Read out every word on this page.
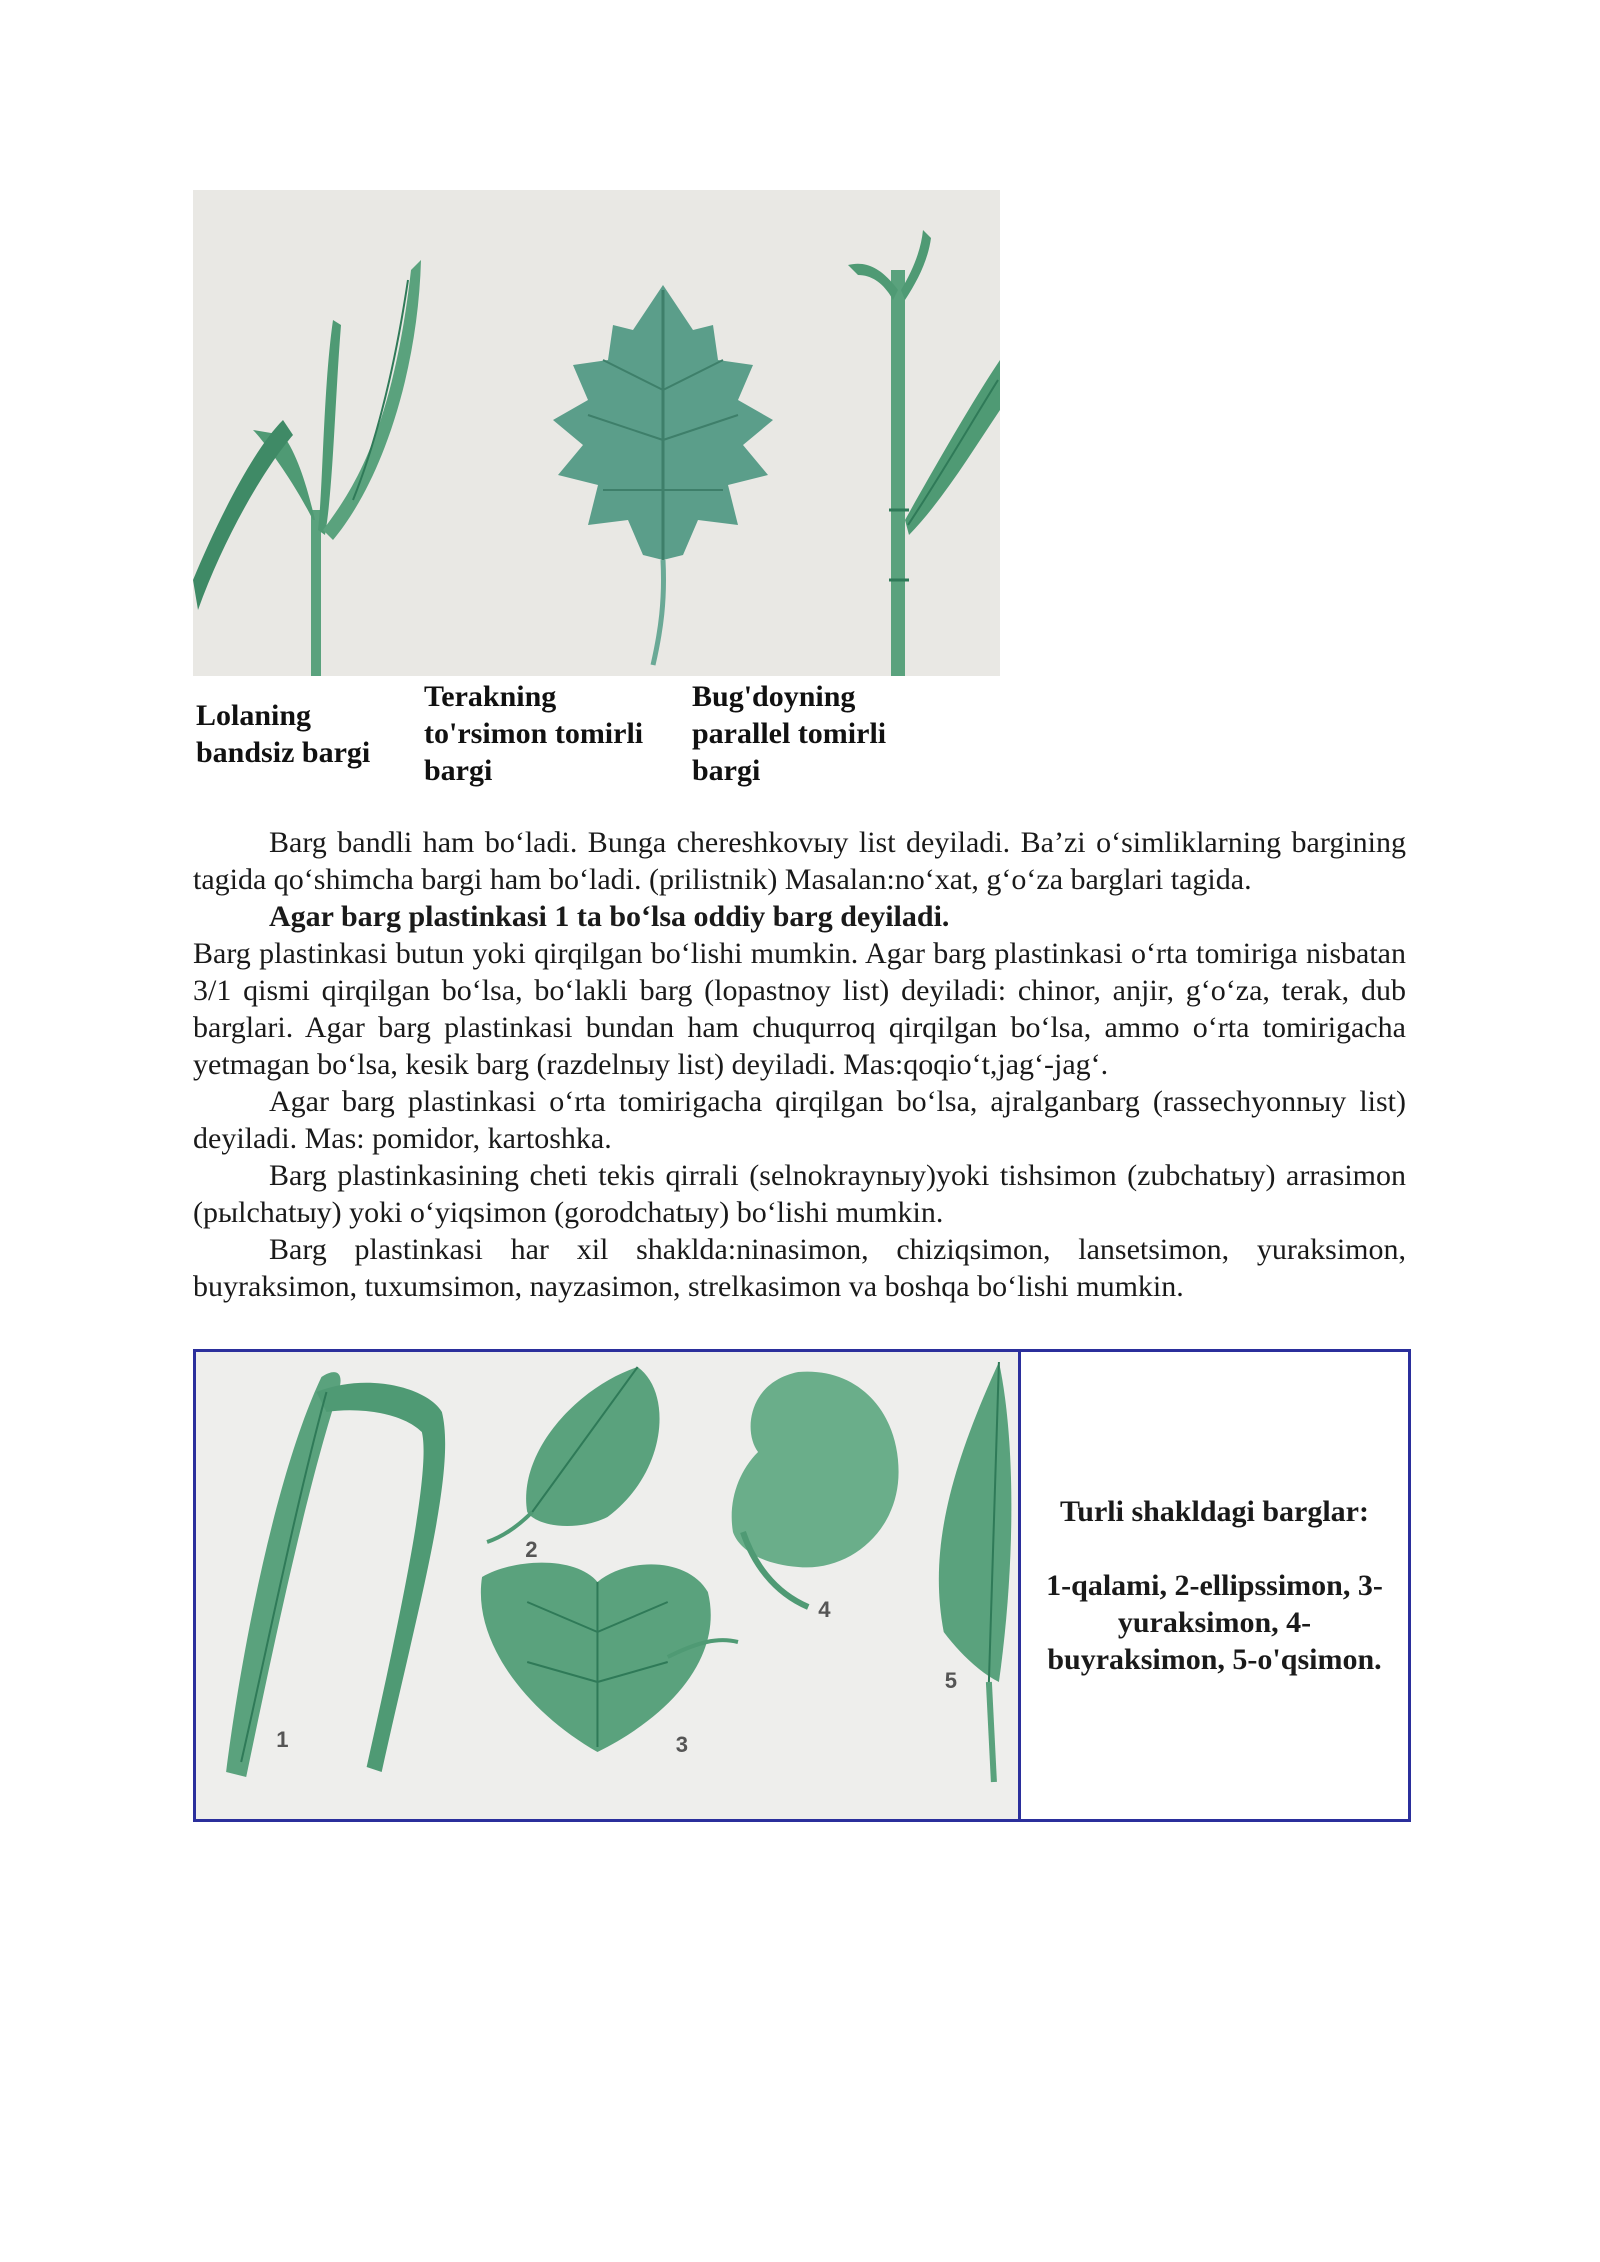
Lolaning bandsiz bargi
Terakning to'rsimon tomirli bargi
Bug'doyning parallel tomirli bargi

Barg bandli ham bo‘ladi. Bunga chereshkovыy list deyiladi. Ba’zi o‘simliklarning bargining tagida qo‘shimcha bargi ham bo‘ladi. (prilistnik) Masalan:no‘xat, g‘o‘za barglari tagida.

Agar barg plastinkasi 1 ta bo‘lsa oddiy barg deyiladi.

Barg plastinkasi butun yoki qirqilgan bo‘lishi mumkin. Agar barg plastinkasi o‘rta tomiriga nisbatan 3/1 qismi qirqilgan bo‘lsa, bo‘lakli barg (lopastnoy list) deyiladi: chinor, anjir, g‘o‘za, terak, dub barglari. Agar barg plastinkasi bundan ham chuqurroq qirqilgan bo‘lsa, ammo o‘rta tomirigacha yetmagan bo‘lsa, kesik barg (razdelnыy list) deyiladi. Mas:qoqio‘t,jag‘-jag‘.

Agar barg plastinkasi o‘rta tomirigacha qirqilgan bo‘lsa, ajralganbarg (rassechyonnыy list) deyiladi. Mas: pomidor, kartoshka.

Barg plastinkasining cheti tekis qirrali (selnokraynыy)yoki tishsimon (zubchatыy) arrasimon (pыlchatыy) yoki o‘yiqsimon (gorodchatыy) bo‘lishi mumkin.

Barg plastinkasi har xil shaklda:ninasimon, chiziqsimon, lansetsimon, yuraksimon, buyraksimon, tuxumsimon, nayzasimon, strelkasimon va boshqa bo‘lishi mumkin.

1
2
3
4
5
Turli shakldagi barglar:
1-qalami, 2-ellipssimon, 3-yuraksimon, 4-buyraksimon, 5-o'qsimon.
